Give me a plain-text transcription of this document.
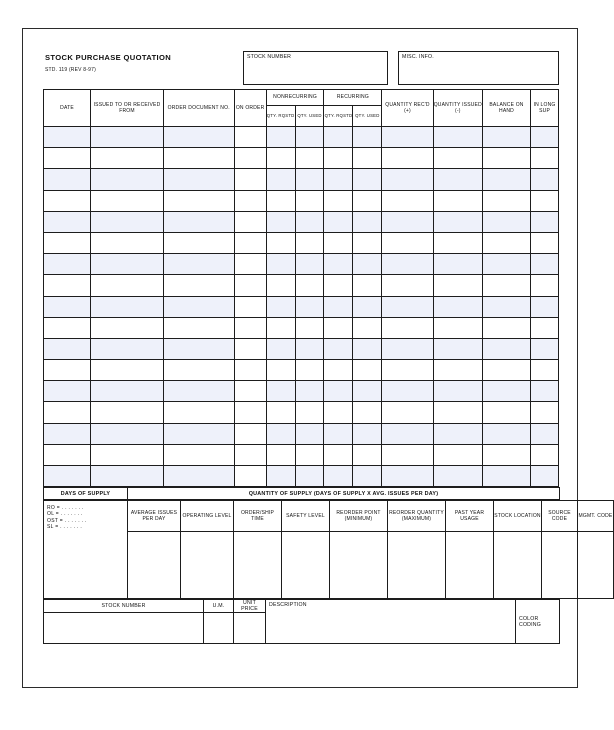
STOCK PURCHASE QUOTATION
STD. 119 (REV 8-97)
STOCK NUMBER	MISC. INFO.
DATE	ISSUED TO OR RECEIVED FROM	ORDER DOCUMENT NO.	ON ORDER	NONRECURRING		RECURRING		QUANTITY REC'D (+)	QUANTITY ISSUED (-)	BALANCE ON HAND	IN LONG SUP
				QTY. RQSTD	QTY. USED	QTY. RQSTD	QTY. USED				

DAYS OF SUPPLY	QUANTITY OF SUPPLY (DAYS OF SUPPLY X AVG. ISSUES PER DAY)
RO = . . . . . . .
OL = . . . . . . .
OST = . . . . . . .
SL = . . . . . . .	AVERAGE ISSUES PER DAY	OPERATING LEVEL	ORDER/SHIP TIME	SAFETY LEVEL	REORDER POINT (MINIMUM)	REORDER QUANTITY (MAXIMUM)	PAST YEAR USAGE	STOCK LOCATION	SOURCE CODE	MGMT. CODE

STOCK NUMBER	U.M.	UNIT PRICE	DESCRIPTION	COLOR CODING
